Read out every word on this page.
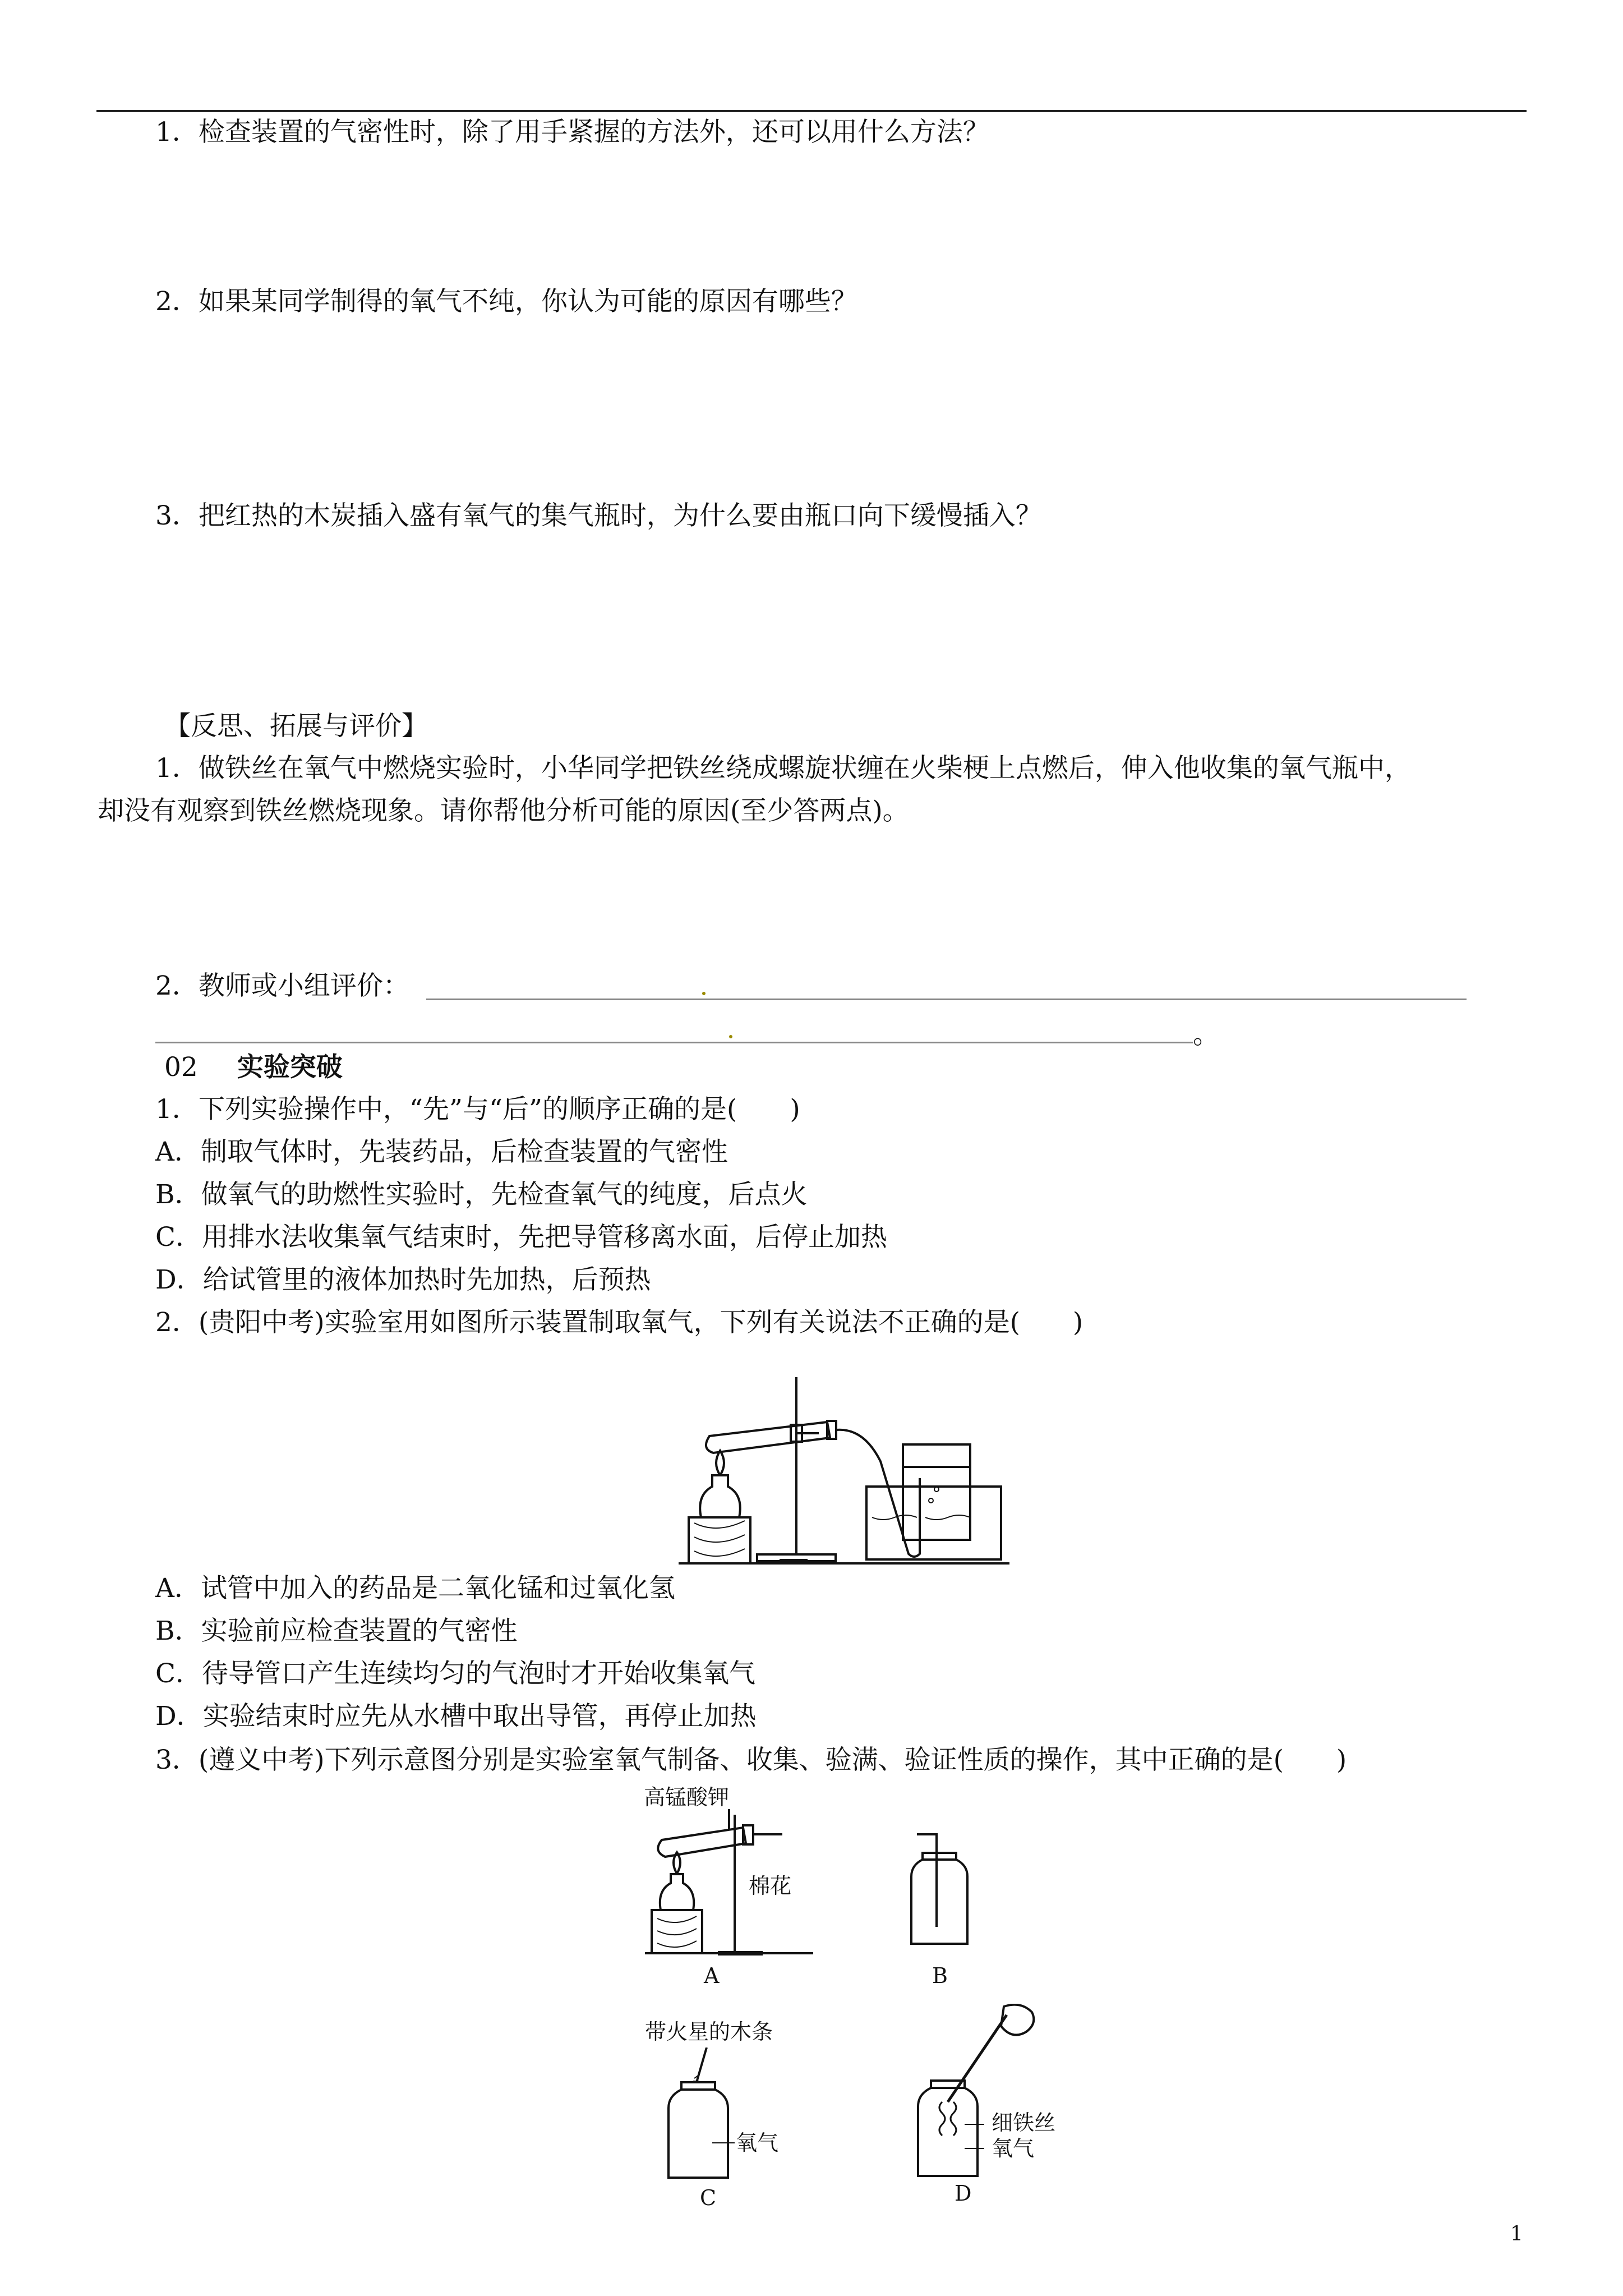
1．检查装置的气密性时，除了用手紧握的方法外，还可以用什么方法？
2．如果某同学制得的氧气不纯，你认为可能的原因有哪些？
3．把红热的木炭插入盛有氧气的集气瓶时，为什么要由瓶口向下缓慢插入？
【反思、拓展与评价】
1．做铁丝在氧气中燃烧实验时，小华同学把铁丝绕成螺旋状缠在火柴梗上点燃后，伸入他收集的氧气瓶中，
却没有观察到铁丝燃烧现象。请你帮他分析可能的原因(至少答两点)。
2．教师或小组评价：
。
02 实验突破
1．下列实验操作中，“先”与“后”的顺序正确的是(　　)
A．制取气体时，先装药品，后检查装置的气密性
B．做氧气的助燃性实验时，先检查氧气的纯度，后点火
C．用排水法收集氧气结束时，先把导管移离水面，后停止加热
D．给试管里的液体加热时先加热，后预热
2．(贵阳中考)实验室用如图所示装置制取氧气，下列有关说法不正确的是(　　)
A．试管中加入的药品是二氧化锰和过氧化氢
B．实验前应检查装置的气密性
C．待导管口产生连续均匀的气泡时才开始收集氧气
D．实验结束时应先从水槽中取出导管，再停止加热
3．(遵义中考)下列示意图分别是实验室氧气制备、收集、验满、验证性质的操作，其中正确的是(　　)
高锰酸钾
棉花
A	B
带火星的木条
氧气
C
细铁丝
氧气
D
1
